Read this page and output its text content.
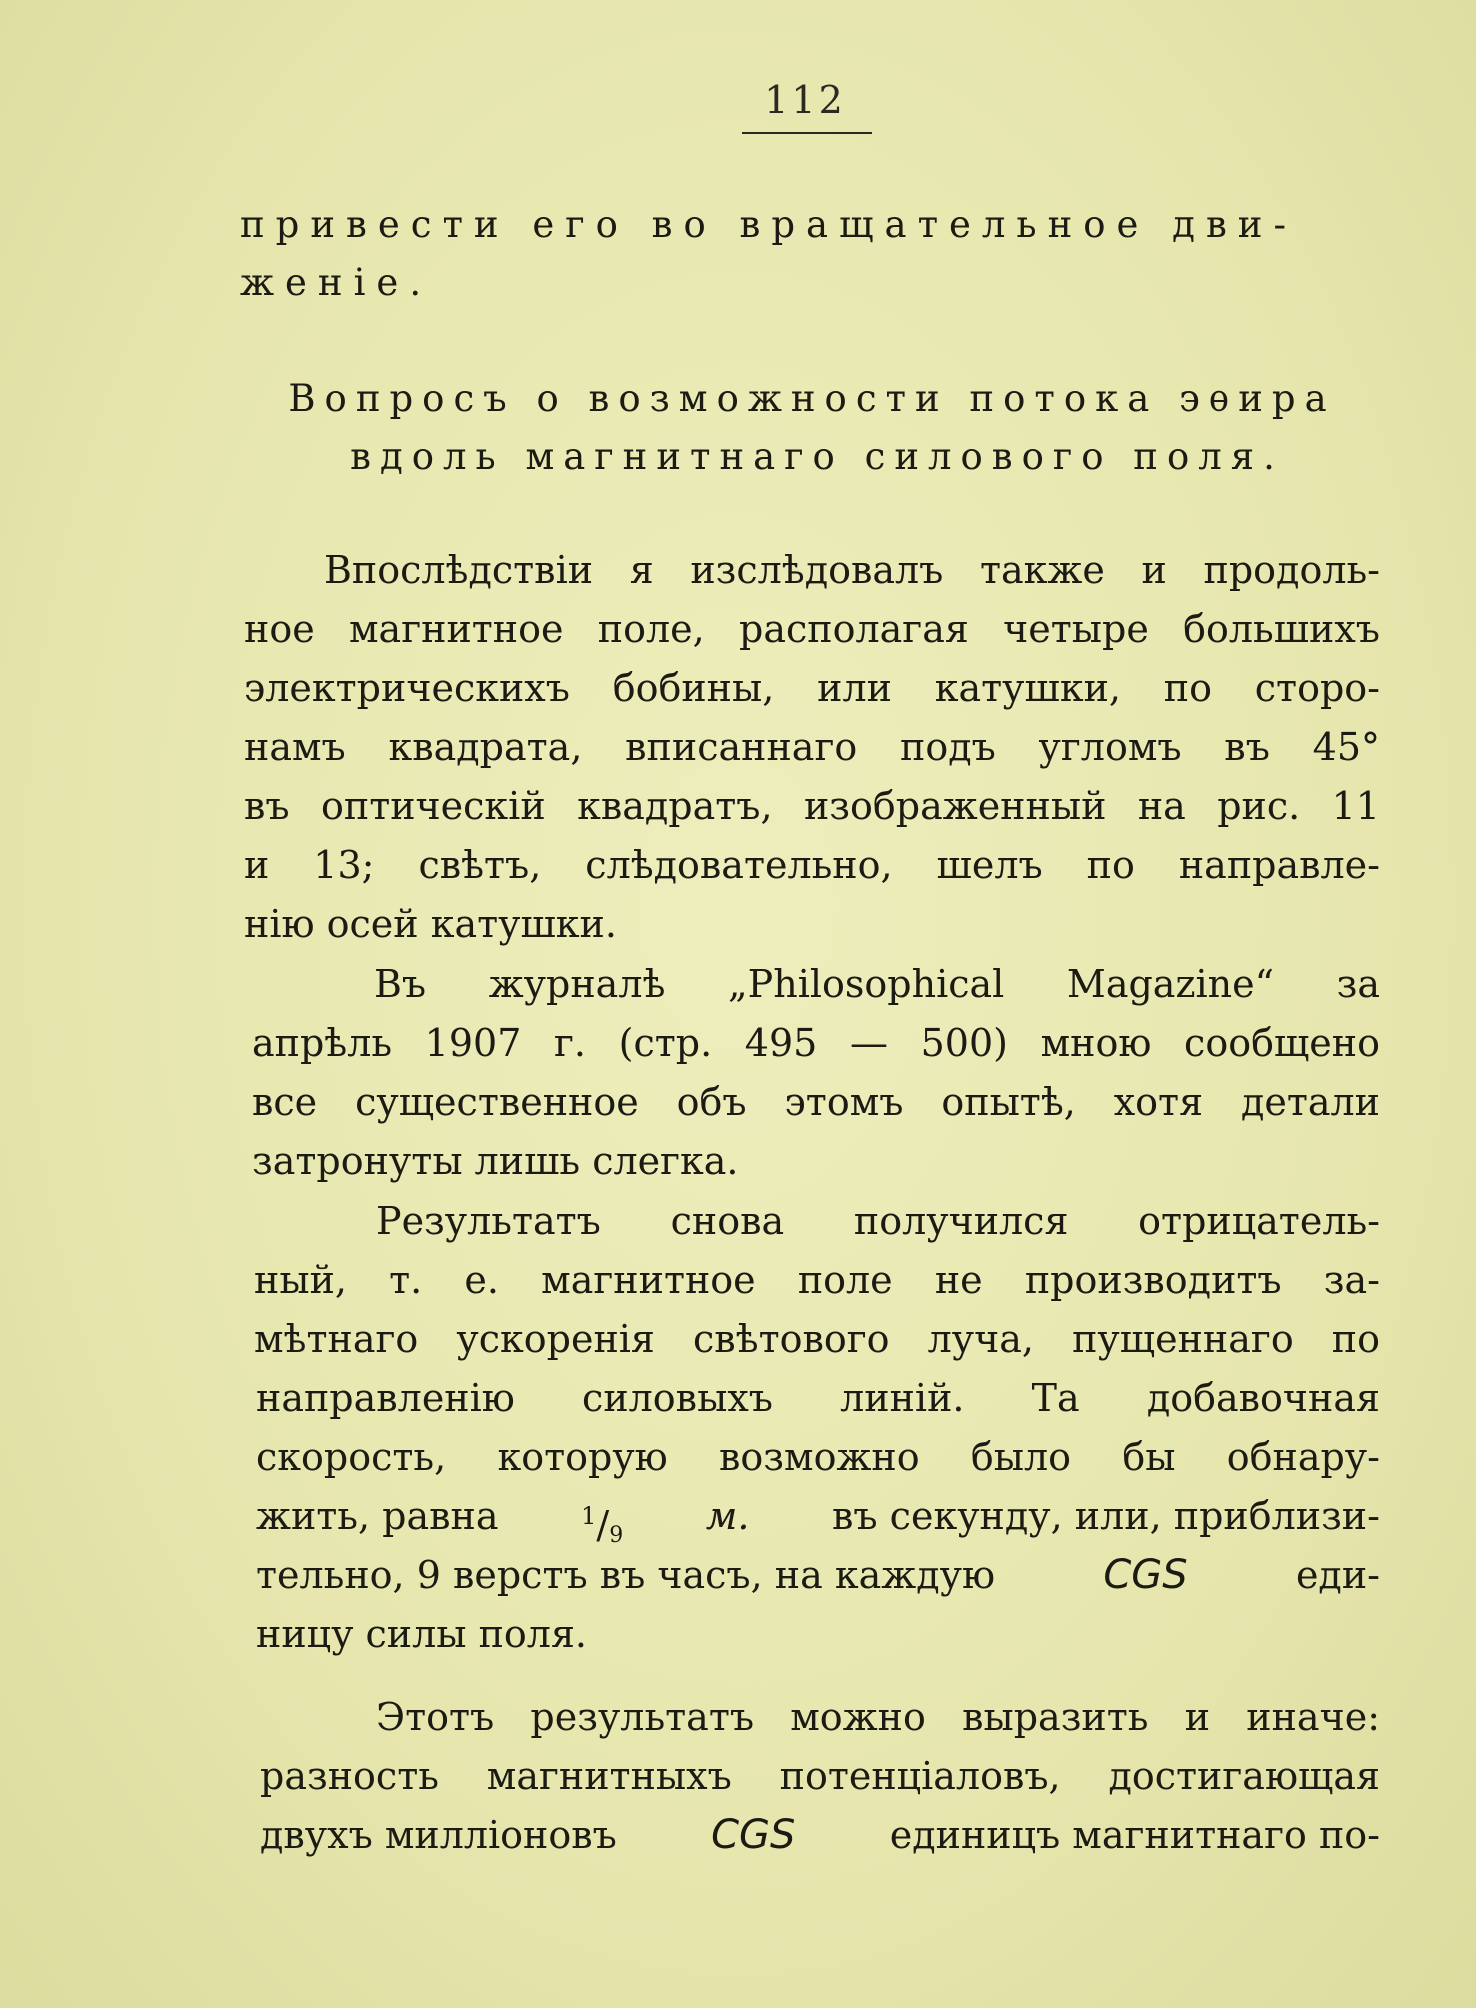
112
привести его во вращательное дви-
женіе.
Вопросъ о возможности потока эѳира
вдоль магнитнаго силового поля.
Впослѣдствіи я изслѣдовалъ также и продоль-
ное магнитное поле, располагая четыре большихъ
электрическихъ бобины, или катушки, по сторо-
намъ квадрата, вписаннаго подъ угломъ въ 45°
въ оптическій квадратъ, изображенный на рис. 11
и 13; свѣтъ, слѣдовательно, шелъ по направле-
нію осей катушки.
Въ журналѣ „Philosophical Magazine“ за
апрѣль 1907 г. (стр. 495 — 500) мною сообщено
все существенное объ этомъ опытѣ, хотя детали
затронуты лишь слегка.
Результатъ снова получился отрицатель-
ный, т. е. магнитное поле не производитъ за-
мѣтнаго ускоренія свѣтового луча, пущеннаго по
направленію силовыхъ линій. Та добавочная
скорость, которую возможно было бы обнару-
жить, равна	$^1/_9$ м. въ секунду, или, приблизи-
тельно, 9 верстъ въ часъ, на каждую	CGS	еди-
ницу силы поля.
Этотъ результатъ можно выразить и иначе:
разность магнитныхъ потенціаловъ, достигающая
двухъ милліоновъ CGS единицъ магнитнаго по-
